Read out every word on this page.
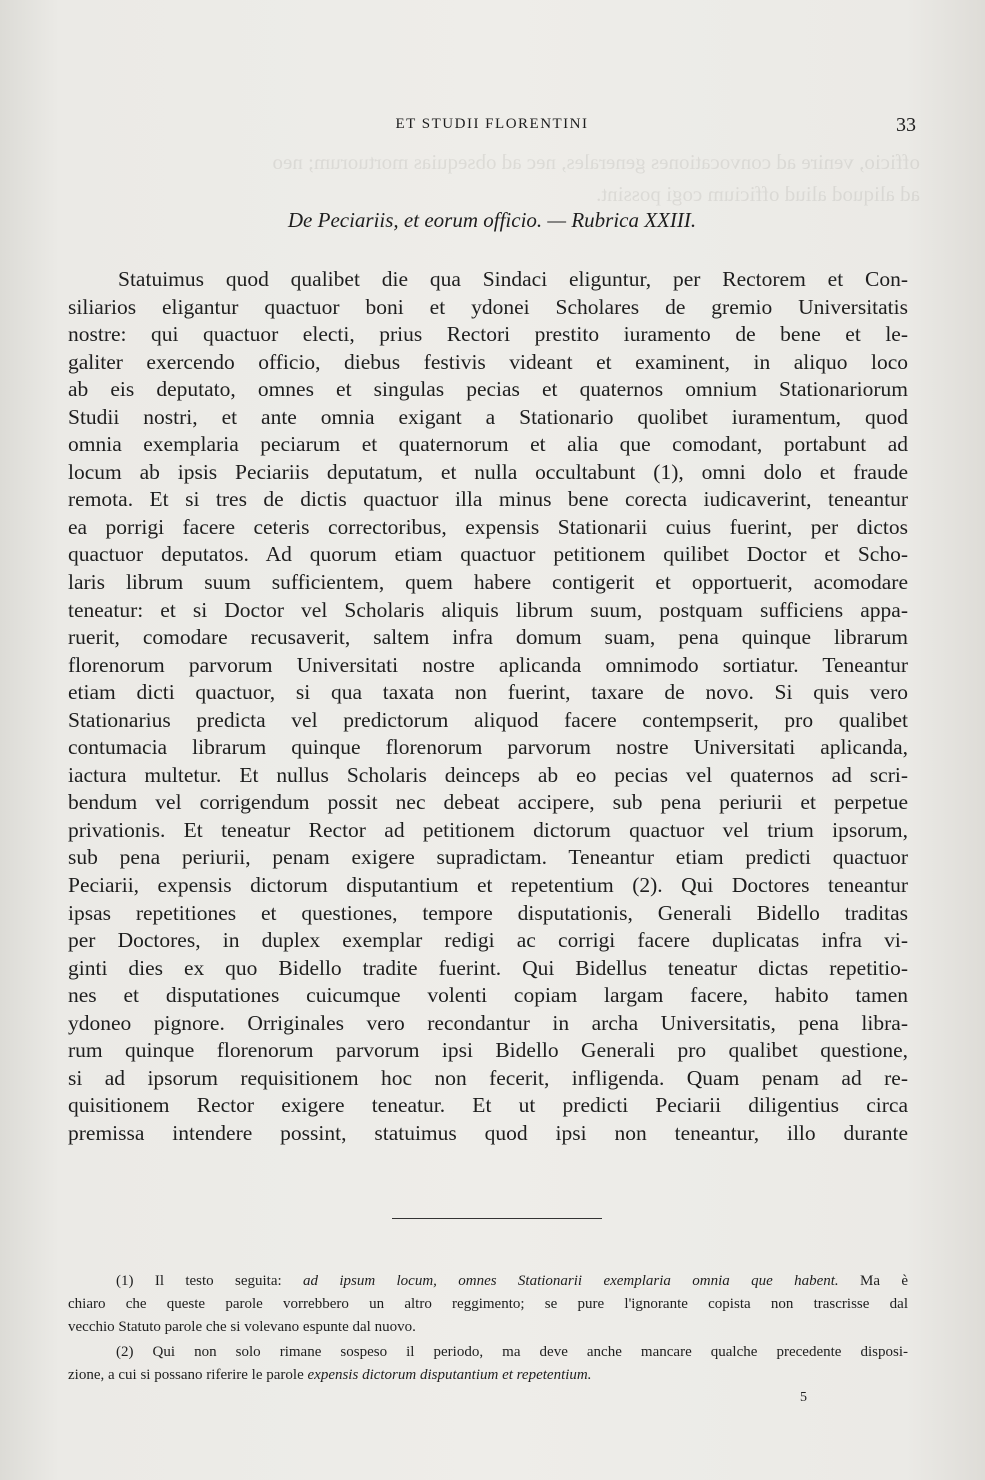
officio, venire ad convocationes generales, nec ad obsequias mortuorum; neo
ad aliquod aliud officium cogi possint.
ET STUDII FLORENTINI	33
De Peciariis, et eorum officio. — Rubrica XXIII.
Statuimus quod qualibet die qua Sindaci eliguntur, per Rectorem et Con-
siliarios eligantur quactuor boni et ydonei Scholares de gremio Universitatis
nostre: qui quactuor electi, prius Rectori prestito iuramento de bene et le-
galiter exercendo officio, diebus festivis videant et examinent, in aliquo loco
ab eis deputato, omnes et singulas pecias et quaternos omnium Stationariorum
Studii nostri, et ante omnia exigant a Stationario quolibet iuramentum, quod
omnia exemplaria peciarum et quaternorum et alia que comodant, portabunt ad
locum ab ipsis Peciariis deputatum, et nulla occultabunt (1), omni dolo et fraude
remota. Et si tres de dictis quactuor illa minus bene corecta iudicaverint, teneantur
ea porrigi facere ceteris correctoribus, expensis Stationarii cuius fuerint, per dictos
quactuor deputatos. Ad quorum etiam quactuor petitionem quilibet Doctor et Scho-
laris librum suum sufficientem, quem habere contigerit et opportuerit, acomodare
teneatur: et si Doctor vel Scholaris aliquis librum suum, postquam sufficiens appa-
ruerit, comodare recusaverit, saltem infra domum suam, pena quinque librarum
florenorum parvorum Universitati nostre aplicanda omnimodo sortiatur. Teneantur
etiam dicti quactuor, si qua taxata non fuerint, taxare de novo. Si quis vero
Stationarius predicta vel predictorum aliquod facere contempserit, pro qualibet
contumacia librarum quinque florenorum parvorum nostre Universitati aplicanda,
iactura multetur. Et nullus Scholaris deinceps ab eo pecias vel quaternos ad scri-
bendum vel corrigendum possit nec debeat accipere, sub pena periurii et perpetue
privationis. Et teneatur Rector ad petitionem dictorum quactuor vel trium ipsorum,
sub pena periurii, penam exigere supradictam. Teneantur etiam predicti quactuor
Peciarii, expensis dictorum disputantium et repetentium (2). Qui Doctores teneantur
ipsas repetitiones et questiones, tempore disputationis, Generali Bidello traditas
per Doctores, in duplex exemplar redigi ac corrigi facere duplicatas infra vi-
ginti dies ex quo Bidello tradite fuerint. Qui Bidellus teneatur dictas repetitio-
nes et disputationes cuicumque volenti copiam largam facere, habito tamen
ydoneo pignore. Orriginales vero recondantur in archa Universitatis, pena libra-
rum quinque florenorum parvorum ipsi Bidello Generali pro qualibet questione,
si ad ipsorum requisitionem hoc non fecerit, infligenda. Quam penam ad re-
quisitionem Rector exigere teneatur. Et ut predicti Peciarii diligentius circa
premissa intendere possint, statuimus quod ipsi non teneantur, illo durante
(1) Il testo seguita: ad ipsum locum, omnes Stationarii exemplaria omnia que habent. Ma è
chiaro che queste parole vorrebbero un altro reggimento; se pure l'ignorante copista non trascrisse dal
vecchio Statuto parole che si volevano espunte dal nuovo.
(2) Qui non solo rimane sospeso il periodo, ma deve anche mancare qualche precedente disposi-
zione, a cui si possano riferire le parole expensis dictorum disputantium et repetentium.
5
